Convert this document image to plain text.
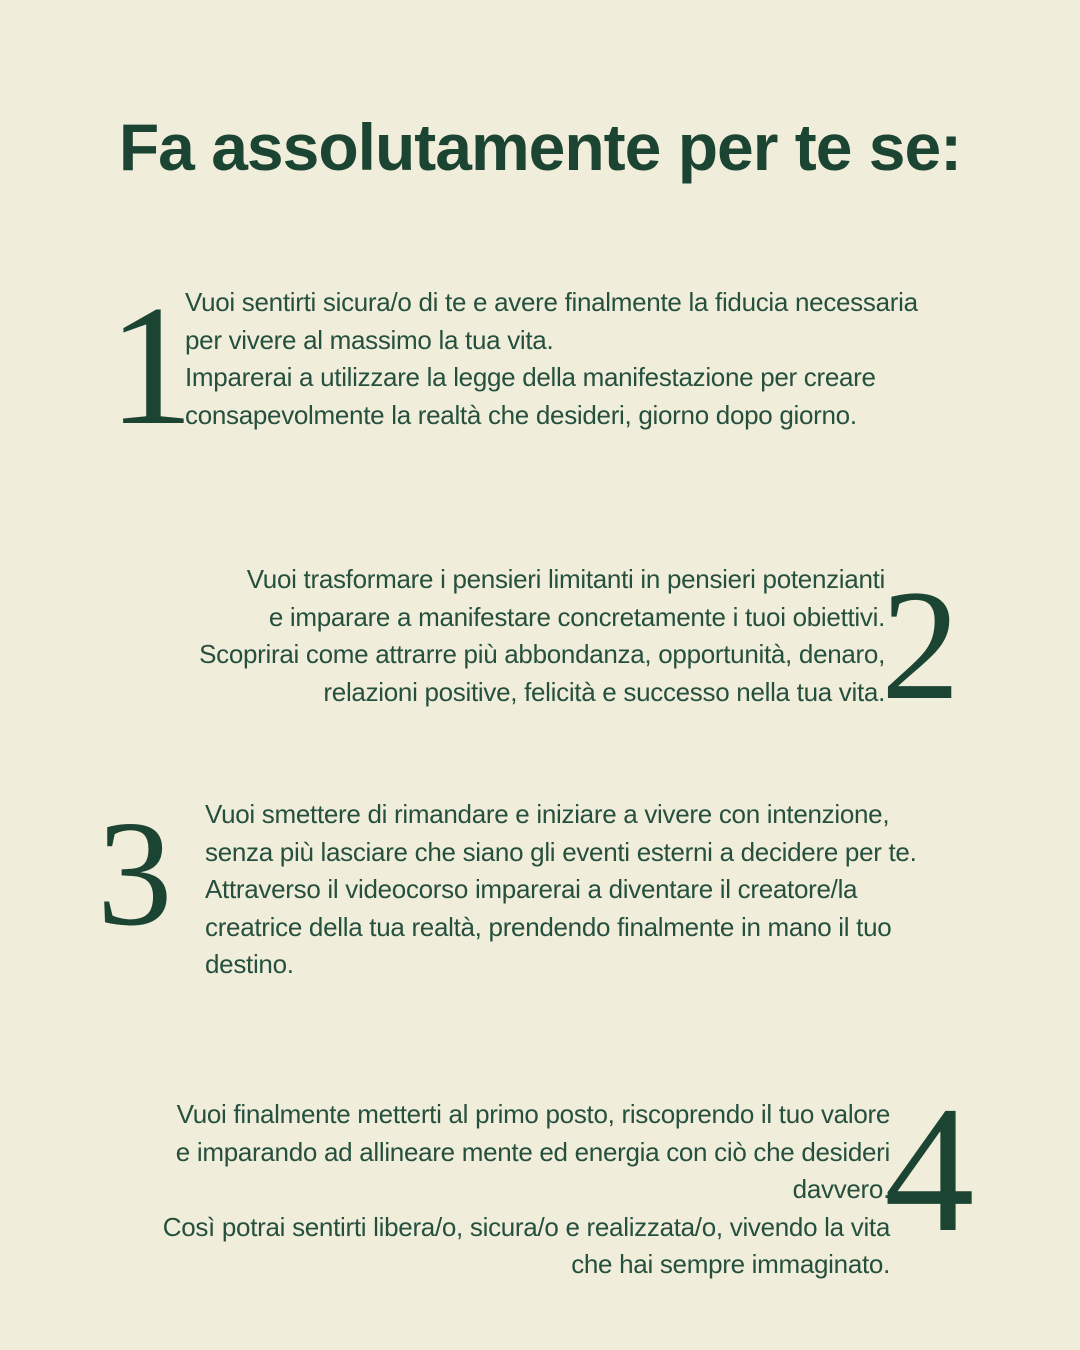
Fa assolutamente per te se:
1
Vuoi sentirti sicura/o di te e avere finalmente la fiducia necessaria
per vivere al massimo la tua vita.
Imparerai a utilizzare la legge della manifestazione per creare
consapevolmente la realtà che desideri, giorno dopo giorno.
Vuoi trasformare i pensieri limitanti in pensieri potenzianti
e imparare a manifestare concretamente i tuoi obiettivi.
Scoprirai come attrarre più abbondanza, opportunità, denaro,
relazioni positive, felicità e successo nella tua vita.
2
3 Vuoi smettere di rimandare e iniziare a vivere con intenzione,
senza più lasciare che siano gli eventi esterni a decidere per te.
Attraverso il videocorso imparerai a diventare il creatore/la
creatrice della tua realtà, prendendo finalmente in mano il tuo
destino.
Vuoi finalmente metterti al primo posto, riscoprendo il tuo valore
e imparando ad allineare mente ed energia con ciò che desideri
davvero.
Così potrai sentirti libera/o, sicura/o e realizzata/o, vivendo la vita
che hai sempre immaginato.
4
